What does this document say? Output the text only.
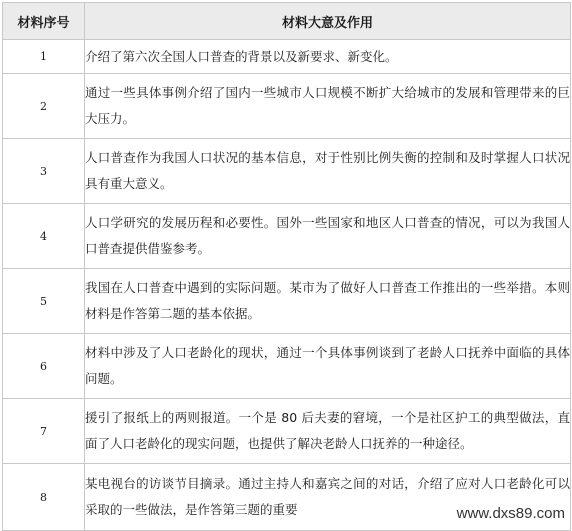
材料序号	材料大意及作用
1	介绍了第六次全国人口普查的背景以及新要求、新变化。
2	通过一些具体事例介绍了国内一些城市人口规模不断扩大给城市的发展和管理带来的巨大压力。
3	人口普查作为我国人口状况的基本信息，对于性别比例失衡的控制和及时掌握人口状况具有重大意义。
4	人口学研究的发展历程和必要性。国外一些国家和地区人口普查的情况，可以为我国人口普查提供借鉴参考。
5	我国在人口普查中遇到的实际问题。某市为了做好人口普查工作推出的一些举措。本则材料是作答第二题的基本依据。
6	材料中涉及了人口老龄化的现状，通过一个具体事例谈到了老龄人口抚养中面临的具体问题。
7	援引了报纸上的两则报道。一个是 80 后夫妻的窘境，一个是社区护工的典型做法，直面了人口老龄化的现实问题，也提供了解决老龄人口抚养的一种途径。
8	某电视台的访谈节目摘录。通过主持人和嘉宾之间的对话，介绍了应对人口老龄化可以采取的一些做法，是作答第三题的重要	www.dxs89.com
